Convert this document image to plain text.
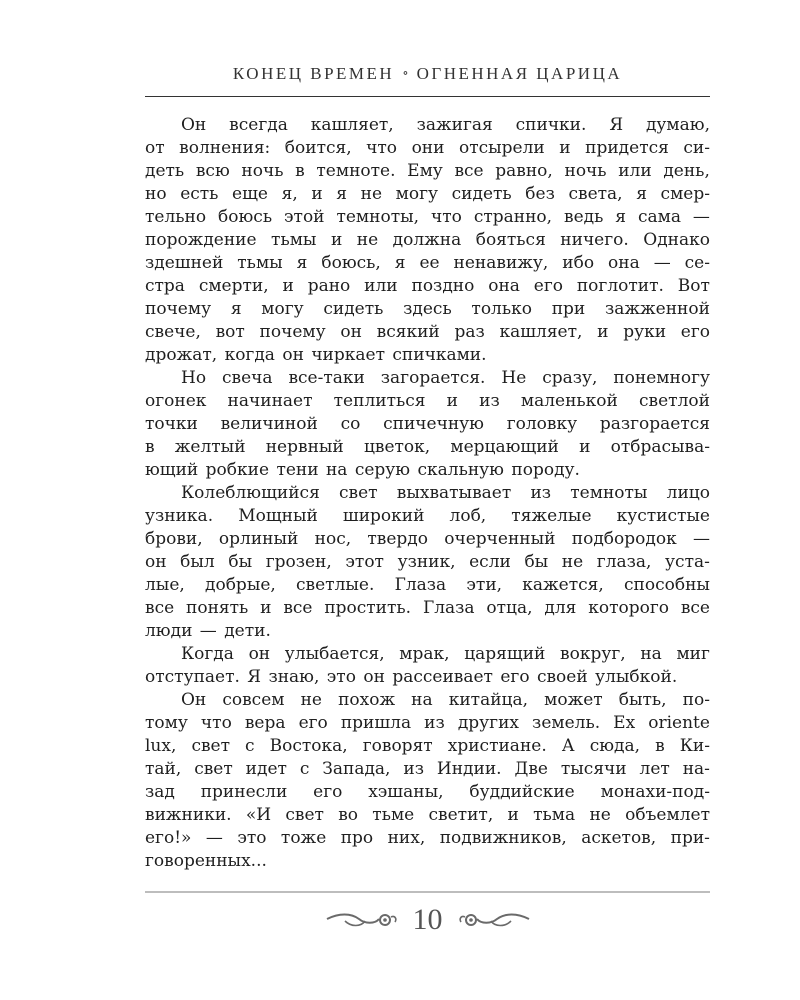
КОНЕЦ ВРЕМЕН ∘ ОГНЕННАЯ ЦАРИЦА
Он всегда кашляет, зажигая спички. Я думаю,
от волнения: боится, что они отсырели и придется си-
деть всю ночь в темноте. Ему все равно, ночь или день,
но есть еще я, и я не могу сидеть без света, я смер-
тельно боюсь этой темноты, что странно, ведь я сама —
порождение тьмы и не должна бояться ничего. Однако
здешней тьмы я боюсь, я ее ненавижу, ибо она — се-
стра смерти, и рано или поздно она его поглотит. Вот
почему я могу сидеть здесь только при зажженной
свече, вот почему он всякий раз кашляет, и руки его
дрожат, когда он чиркает спичками.
Но свеча все-таки загорается. Не сразу, понемногу
огонек начинает теплиться и из маленькой светлой
точки величиной со спичечную головку разгорается
в желтый нервный цветок, мерцающий и отбрасыва-
ющий робкие тени на серую скальную породу.
Колеблющийся свет выхватывает из темноты лицо
узника. Мощный широкий лоб, тяжелые кустистые
брови, орлиный нос, твердо очерченный подбородок —
он был бы грозен, этот узник, если бы не глаза, уста-
лые, добрые, светлые. Глаза эти, кажется, способны
все понять и все простить. Глаза отца, для которого все
люди — дети.
Когда он улыбается, мрак, царящий вокруг, на миг
отступает. Я знаю, это он рассеивает его своей улыбкой.
Он совсем не похож на китайца, может быть, по-
тому что вера его пришла из других земель. Ex oriente
lux, свет с Востока, говорят христиане. А сюда, в Ки-
тай, свет идет с Запада, из Индии. Две тысячи лет на-
зад принесли его хэшаны, буддийские монахи-под-
вижники. «И свет во тьме светит, и тьма не объемлет
его!» — это тоже про них, подвижников, аскетов, при-
говоренных...
10
